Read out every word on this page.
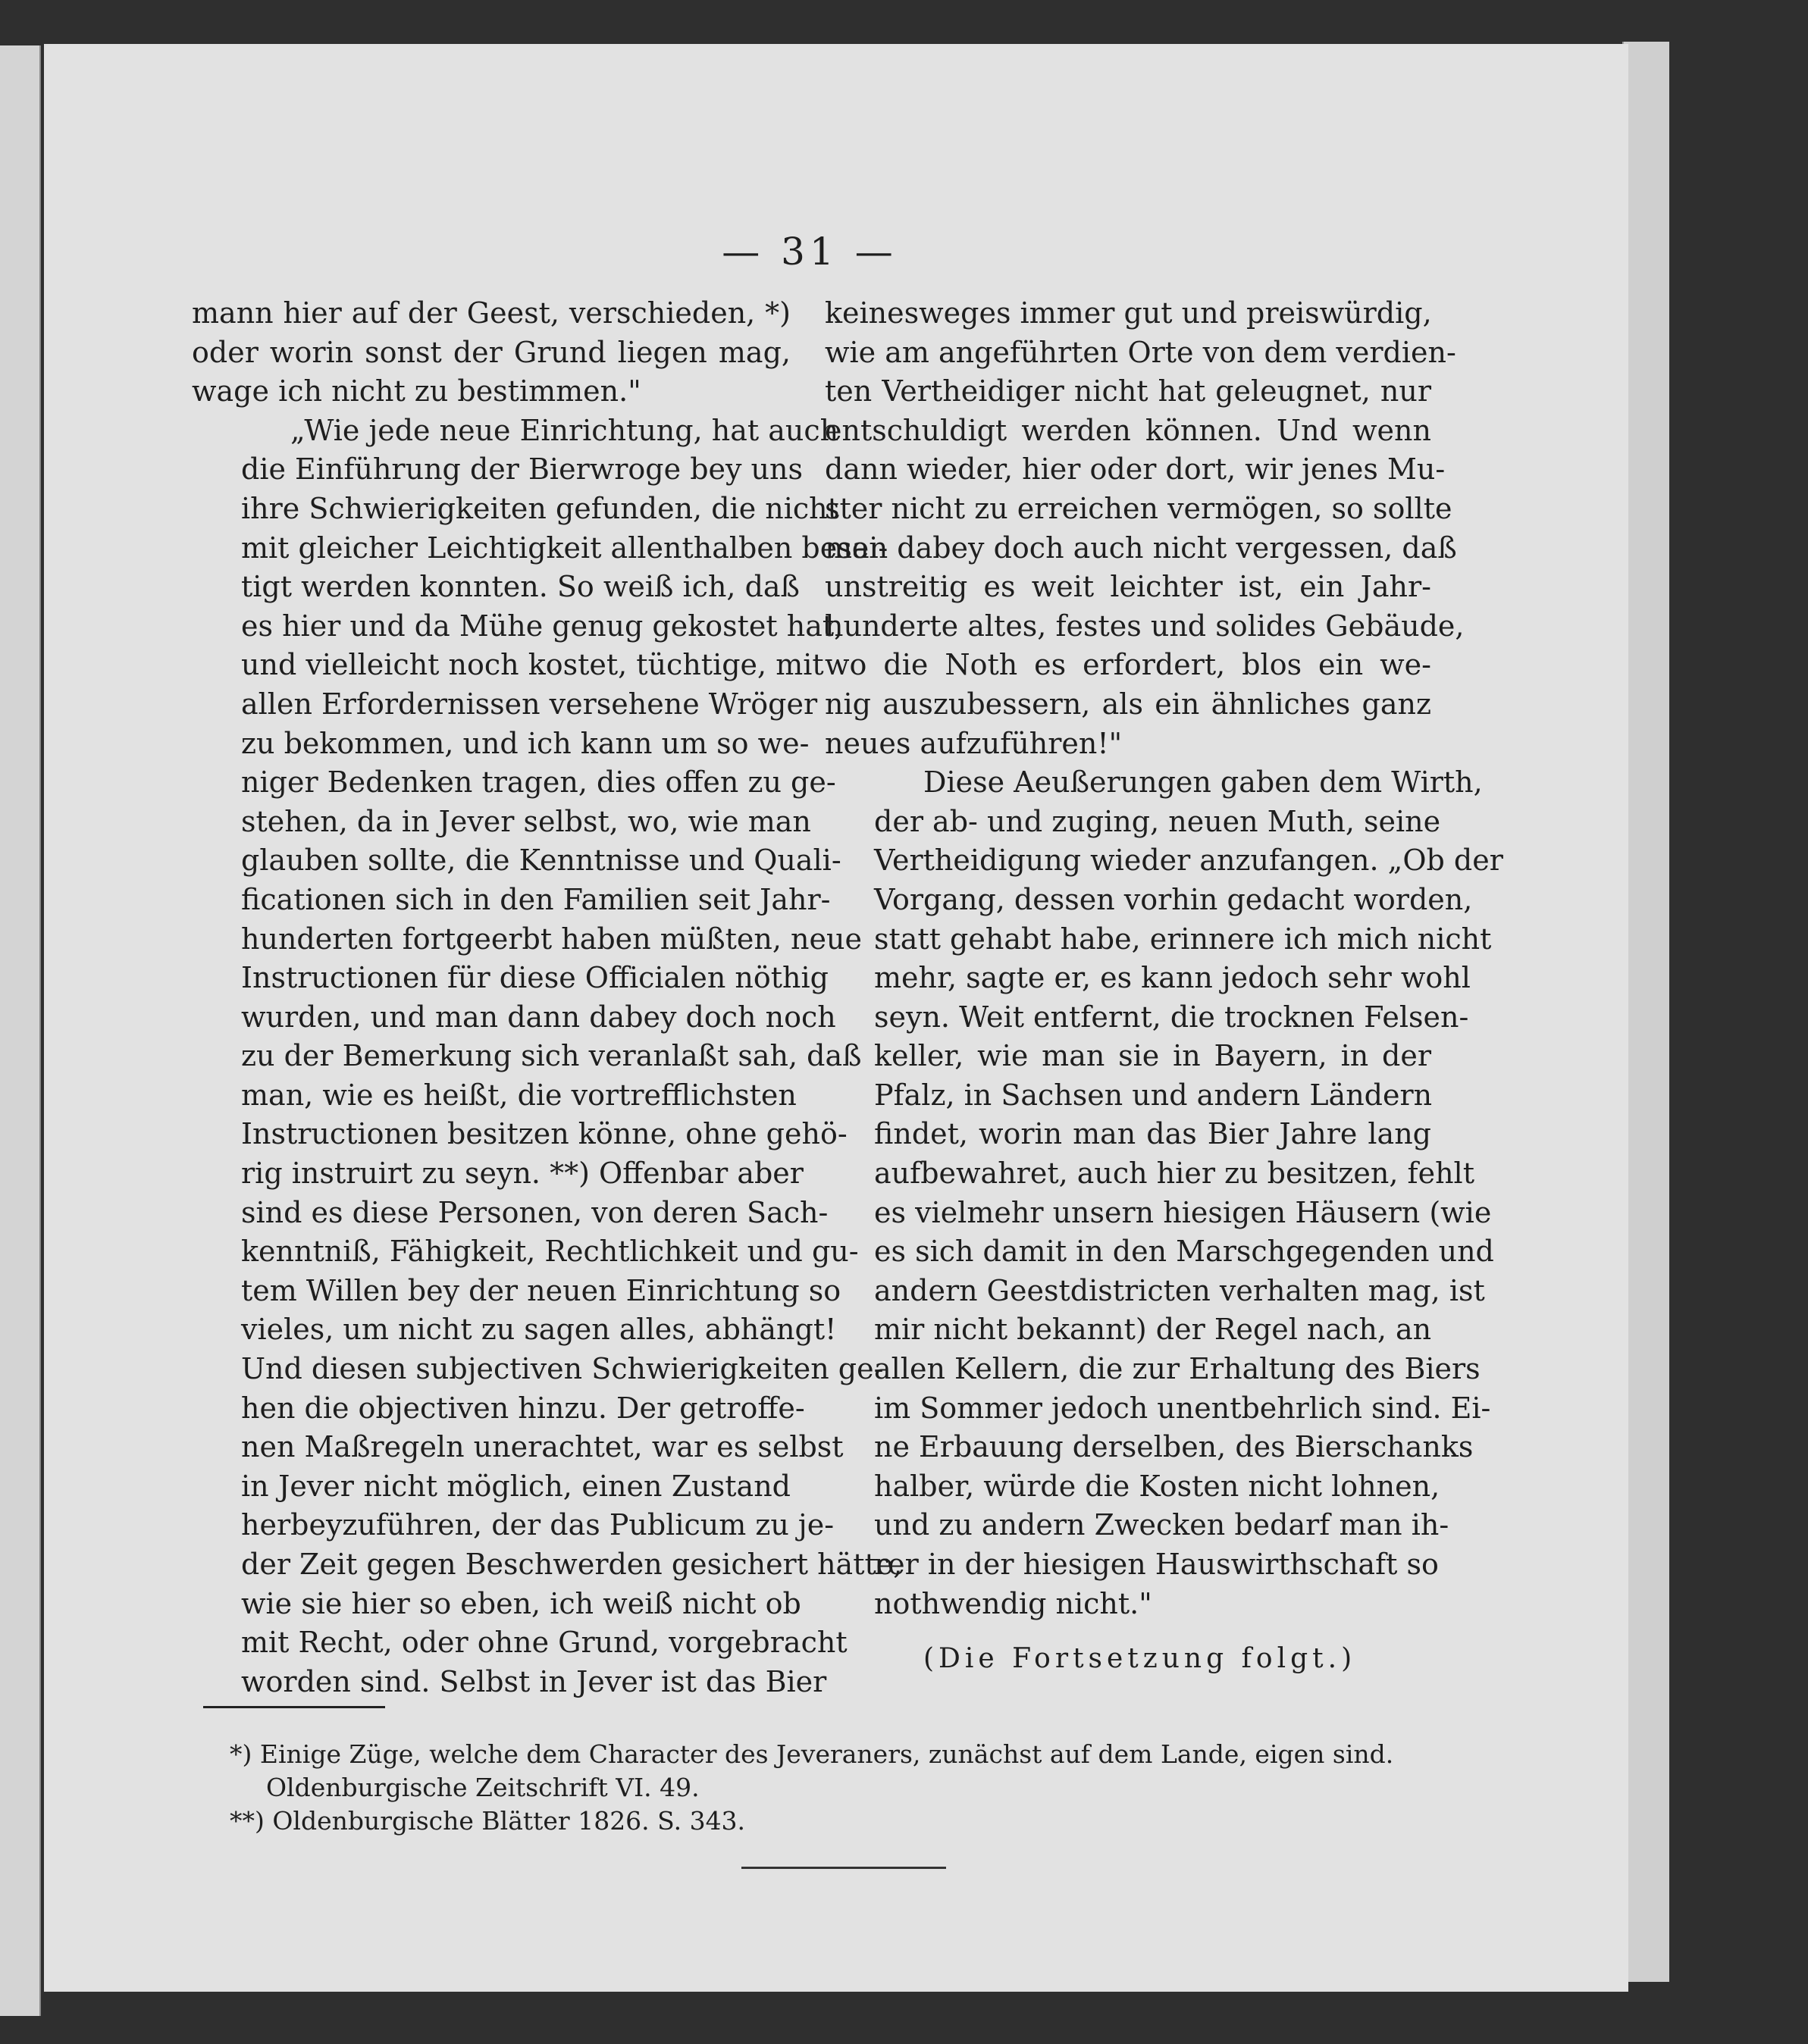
— 31 —
mann hier auf der Geest, verschieden, *)
oder worin sonst der Grund liegen mag,
wage ich nicht zu bestimmen."
„Wie jede neue Einrichtung, hat auch
die Einführung der Bierwroge bey uns
ihre Schwierigkeiten gefunden, die nicht
mit gleicher Leichtigkeit allenthalben besei-
tigt werden konnten. So weiß ich, daß
es hier und da Mühe genug gekostet hat,
und vielleicht noch kostet, tüchtige, mit
allen Erfordernissen versehene Wröger
zu bekommen, und ich kann um so we-
niger Bedenken tragen, dies offen zu ge-
stehen, da in Jever selbst, wo, wie man
glauben sollte, die Kenntnisse und Quali-
ficationen sich in den Familien seit Jahr-
hunderten fortgeerbt haben müßten, neue
Instructionen für diese Officialen nöthig
wurden, und man dann dabey doch noch
zu der Bemerkung sich veranlaßt sah, daß
man, wie es heißt, die vortrefflichsten
Instructionen besitzen könne, ohne gehö-
rig instruirt zu seyn. **) Offenbar aber
sind es diese Personen, von deren Sach-
kenntniß, Fähigkeit, Rechtlichkeit und gu-
tem Willen bey der neuen Einrichtung so
vieles, um nicht zu sagen alles, abhängt!
Und diesen subjectiven Schwierigkeiten ge-
hen die objectiven hinzu. Der getroffe-
nen Maßregeln unerachtet, war es selbst
in Jever nicht möglich, einen Zustand
herbeyzuführen, der das Publicum zu je-
der Zeit gegen Beschwerden gesichert hätte,
wie sie hier so eben, ich weiß nicht ob
mit Recht, oder ohne Grund, vorgebracht
worden sind. Selbst in Jever ist das Bier
keinesweges immer gut und preiswürdig,
wie am angeführten Orte von dem verdien-
ten Vertheidiger nicht hat geleugnet, nur
entschuldigt werden können. Und wenn
dann wieder, hier oder dort, wir jenes Mu-
ster nicht zu erreichen vermögen, so sollte
man dabey doch auch nicht vergessen, daß
unstreitig es weit leichter ist, ein Jahr-
hunderte altes, festes und solides Gebäude,
wo die Noth es erfordert, blos ein we-
nig auszubessern, als ein ähnliches ganz
neues aufzuführen!"
Diese Aeußerungen gaben dem Wirth,
der ab- und zuging, neuen Muth, seine
Vertheidigung wieder anzufangen. „Ob der
Vorgang, dessen vorhin gedacht worden,
statt gehabt habe, erinnere ich mich nicht
mehr, sagte er, es kann jedoch sehr wohl
seyn. Weit entfernt, die trocknen Felsen-
keller, wie man sie in Bayern, in der
Pfalz, in Sachsen und andern Ländern
findet, worin man das Bier Jahre lang
aufbewahret, auch hier zu besitzen, fehlt
es vielmehr unsern hiesigen Häusern (wie
es sich damit in den Marschgegenden und
andern Geestdistricten verhalten mag, ist
mir nicht bekannt) der Regel nach, an
allen Kellern, die zur Erhaltung des Biers
im Sommer jedoch unentbehrlich sind. Ei-
ne Erbauung derselben, des Bierschanks
halber, würde die Kosten nicht lohnen,
und zu andern Zwecken bedarf man ih-
rer in der hiesigen Hauswirthschaft so
nothwendig nicht."
(Die Fortsetzung folgt.)
*) Einige Züge, welche dem Character des Jeveraners, zunächst auf dem Lande, eigen sind.
Oldenburgische Zeitschrift VI. 49.
**) Oldenburgische Blätter 1826. S. 343.
